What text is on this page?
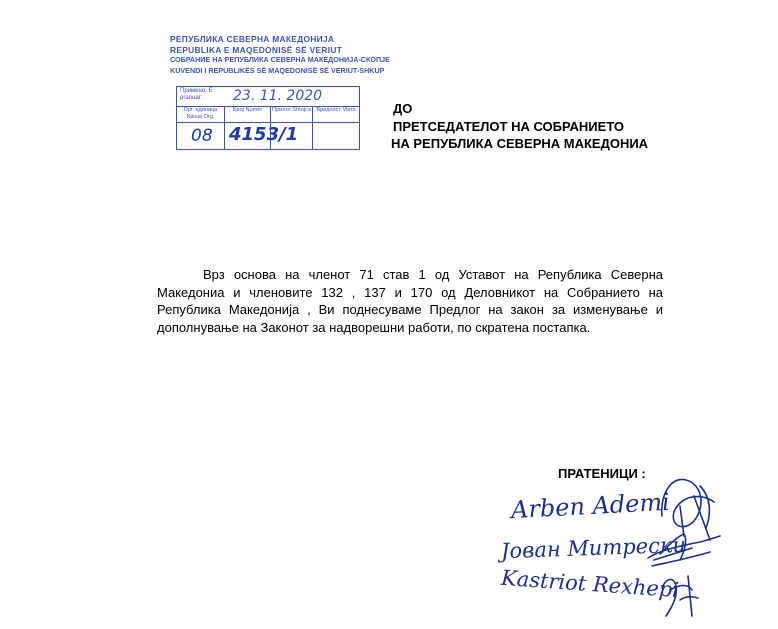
РЕПУБЛИКА СЕВЕРНА МАКЕДОНИЈА
REPUBLIKA E MAQEDONISË SË VERIUT
СОБРАНИЕ НА РЕПУБЛИКА СЕВЕРНА МАКЕДОНИЈА-СКОПЈЕ
KUVENDI I REPUBLIKËS SË MAQEDONISË SË VERIUT-SHKUP
Примено: E pranuar:	23. 11. 2020
Орг. единица Njësia Org.
Број Numër	Прилог Shtojca Вредност Vlera
08 4153/1
ДО
ПРЕТСЕДАТЕЛОТ НА СОБРАНИЕТО
НА РЕПУБЛИКА СЕВЕРНА МАКЕДОНИА
Врз основа на членот 71 став 1 од Уставот на Република Северна Македониа и членовите 132 , 137 и 170 од Деловникот на Собранието на Република Македонија , Ви поднесуваме Предлог на закон за изменување и дополнување на Законот за надворешни работи, по скратена постапка.
ПРАТЕНИЦИ :
Arben Ademi
Јован Митрески
Kastriot Rexhepi
